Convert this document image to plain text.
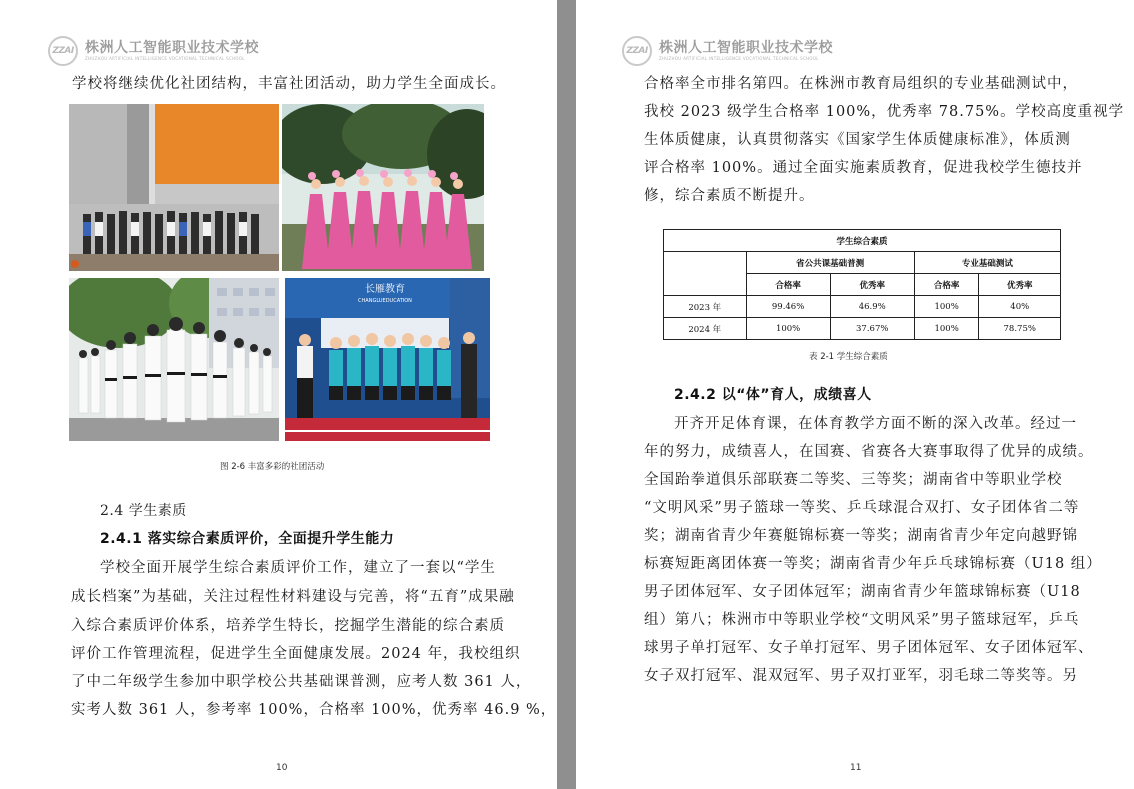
ZZAI 株洲人工智能职业技术学校
ZHUZHOU ARTIFICIAL INTELLIGENCE VOCATIONAL TECHNICAL SCHOOL
学校将继续优化社团结构，丰富社团活动，助力学生全面成长。
长雁教育
CHANGLUEDUCATION
图 2-6 丰富多彩的社团活动
2.4 学生素质
2.4.1 落实综合素质评价，全面提升学生能力
学校全面开展学生综合素质评价工作，建立了一套以“学生
成长档案”为基础，关注过程性材料建设与完善，将“五育”成果融
入综合素质评价体系，培养学生特长，挖掘学生潜能的综合素质
评价工作管理流程，促进学生全面健康发展。2024 年，我校组织
了中二年级学生参加中职学校公共基础课普测，应考人数 361 人，
实考人数 361 人，参考率 100%，合格率 100%，优秀率 46.9 %，
10
ZZAI 株洲人工智能职业技术学校
ZHUZHOU ARTIFICIAL INTELLIGENCE VOCATIONAL TECHNICAL SCHOOL
合格率全市排名第四。在株洲市教育局组织的专业基础测试中，
我校 2023 级学生合格率 100%，优秀率 78.75%。学校高度重视学
生体质健康，认真贯彻落实《国家学生体质健康标准》，体质测
评合格率 100%。通过全面实施素质教育，促进我校学生德技并
修，综合素质不断提升。
学生综合素质				
	省公共课基础普测		专业基础测试	
	合格率	优秀率	合格率	优秀率
2023 年	99.46%	46.9%	100%	40%
2024 年	100%	37.67%	100%	78.75%
表 2-1 学生综合素质
2.4.2 以“体”育人，成绩喜人
开齐开足体育课，在体育教学方面不断的深入改革。经过一
年的努力，成绩喜人，在国赛、省赛各大赛事取得了优异的成绩。
全国跆拳道俱乐部联赛二等奖、三等奖；湖南省中等职业学校
“文明风采”男子篮球一等奖、乒乓球混合双打、女子团体省二等
奖；湖南省青少年赛艇锦标赛一等奖；湖南省青少年定向越野锦
标赛短距离团体赛一等奖；湖南省青少年乒乓球锦标赛（U18 组）
男子团体冠军、女子团体冠军；湖南省青少年篮球锦标赛（U18
组）第八；株洲市中等职业学校“文明风采”男子篮球冠军，乒乓
球男子单打冠军、女子单打冠军、男子团体冠军、女子团体冠军、
女子双打冠军、混双冠军、男子双打亚军，羽毛球二等奖等。另
11
